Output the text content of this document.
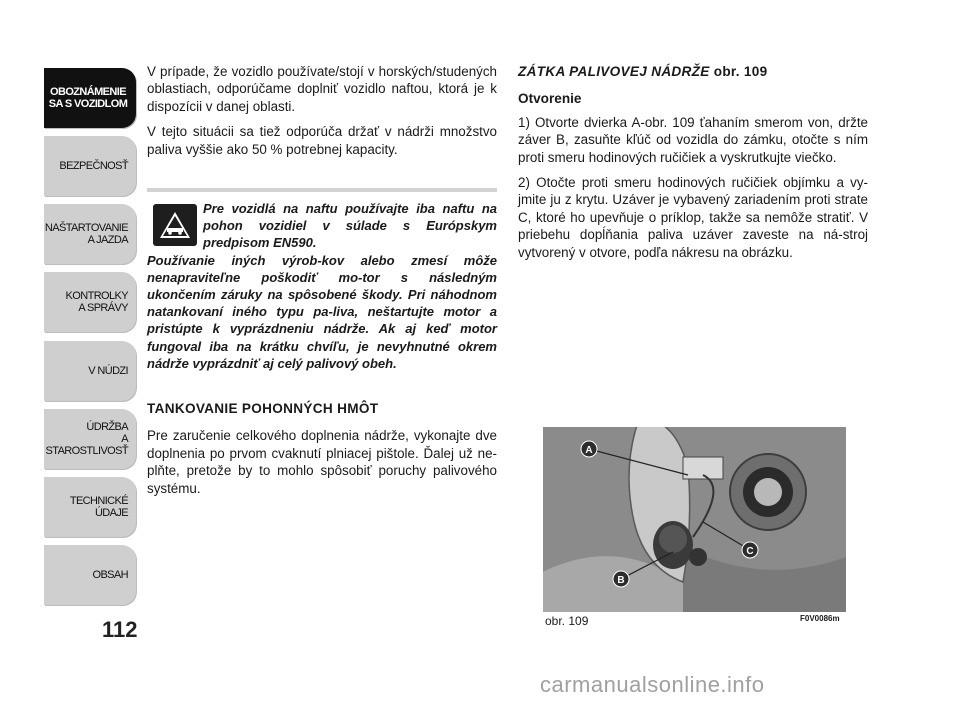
OBOZNÁMENIE
SA S VOZIDLOM
BEZPEČNOSŤ
NAŠTARTOVANIE
A JAZDA
KONTROLKY
A SPRÁVY
V NÚDZI
ÚDRŽBA
A STAROSTLIVOSŤ
TECHNICKÉ
ÚDAJE
OBSAH
112

V prípade, že vozidlo používate/stojí v horských/studených oblastiach, odporúčame doplniť vozidlo naftou, ktorá je k dispozícii v danej oblasti.

V tejto situácii sa tiež odporúča držať v nádrži množstvo paliva vyššie ako 50 % potrebnej kapacity.

Pre vozidlá na naftu používajte iba naftu na pohon vozidiel v súlade s Európskym predpisom EN590.
Používanie iných výrob-kov alebo zmesí môže nenapraviteľne poškodiť mo-tor s následným ukončením záruky na spôsobené škody. Pri náhodnom natankovaní iného typu pa-liva, neštartujte motor a pristúpte k vyprázdneniu nádrže. Ak aj keď motor fungoval iba na krátku chvíľu, je nevyhnutné okrem nádrže vyprázdniť aj celý palivový obeh.
TANKOVANIE POHONNÝCH HMÔT

Pre zaručenie celkového doplnenia nádrže, vykonajte dve doplnenia po prvom cvaknutí plniacej pištole. Ďalej už ne-plňte, pretože by to mohlo spôsobiť poruchy palivového systému.

ZÁTKA PALIVOVEJ NÁDRŽE obr. 109
Otvorenie

1) Otvorte dvierka A-obr. 109 ťahaním smerom von, držte záver B, zasuňte kľúč od vozidla do zámku, otočte s ním proti smeru hodinových ručičiek a vyskrutkujte viečko.

2) Otočte proti smeru hodinových ručičiek objímku a vy-jmite ju z krytu. Uzáver je vybavený zariadením proti strate C, ktoré ho upevňuje o príklop, takže sa nemôže stratiť. V priebehu dopĺňania paliva uzáver zaveste na ná-stroj vytvorený v otvore, podľa nákresu na obrázku.

A
B
C
obr. 109	F0V0086m
carmanualsonline.info
